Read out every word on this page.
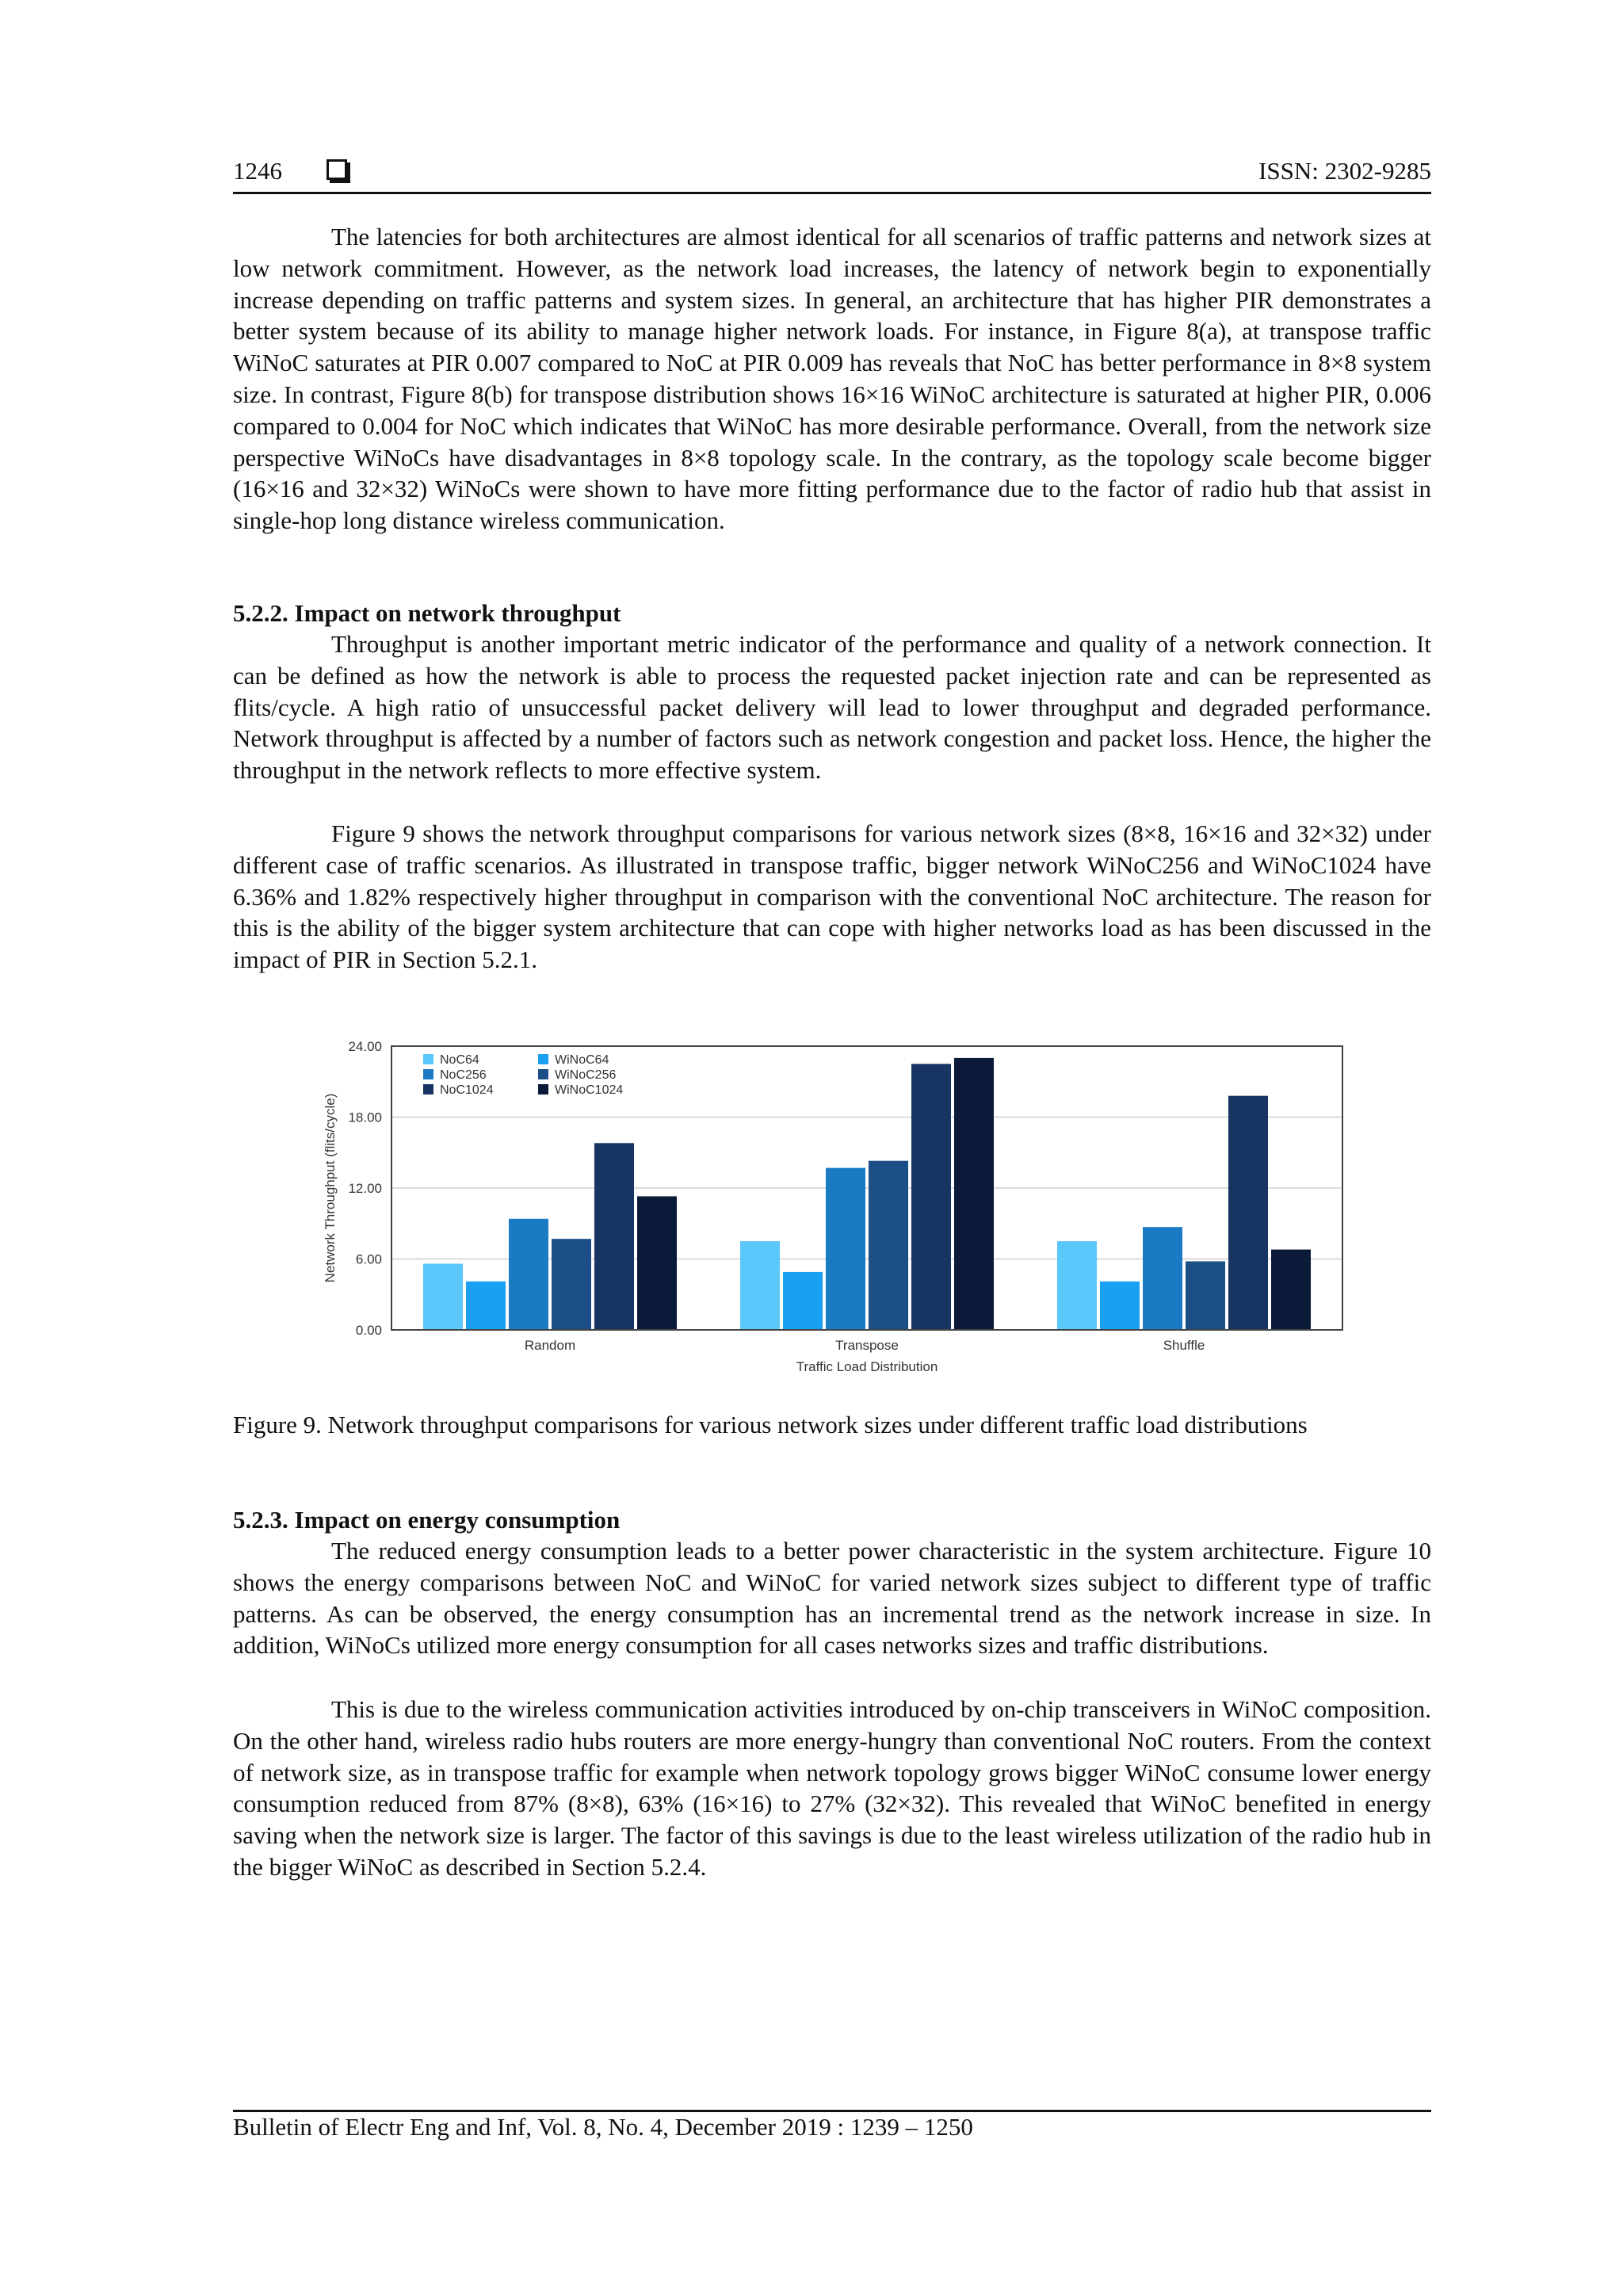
1246	ISSN: 2302-9285

The latencies for both architectures are almost identical for all scenarios of traffic patterns and network sizes at low network commitment. However, as the network load increases, the latency of network begin to exponentially increase depending on traffic patterns and system sizes. In general, an architecture that has higher PIR demonstrates a better system because of its ability to manage higher network loads. For instance, in Figure 8(a), at transpose traffic WiNoC saturates at PIR 0.007 compared to NoC at PIR 0.009 has reveals that NoC has better performance in 8×8 system size. In contrast, Figure 8(b) for transpose distribution shows 16×16 WiNoC architecture is saturated at higher PIR, 0.006 compared to 0.004 for NoC which indicates that WiNoC has more desirable performance. Overall, from the network size perspective WiNoCs have disadvantages in 8×8 topology scale. In the contrary, as the topology scale become bigger (16×16 and 32×32) WiNoCs were shown to have more fitting performance due to the factor of radio hub that assist in single-hop long distance wireless communication.

5.2.2. Impact on network throughput

Throughput is another important metric indicator of the performance and quality of a network connection. It can be defined as how the network is able to process the requested packet injection rate and can be represented as flits/cycle. A high ratio of unsuccessful packet delivery will lead to lower throughput and degraded performance. Network throughput is affected by a number of factors such as network congestion and packet loss. Hence, the higher the throughput in the network reflects to more effective system.

Figure 9 shows the network throughput comparisons for various network sizes (8×8, 16×16 and 32×32) under different case of traffic scenarios. As illustrated in transpose traffic, bigger network WiNoC256 and WiNoC1024 have 6.36% and 1.82% respectively higher throughput in comparison with the conventional NoC architecture. The reason for this is the ability of the bigger system architecture that can cope with higher networks load as has been discussed in the impact of PIR in Section 5.2.1.

0.00
6.00
12.00
18.00
24.00
Random	Transpose	Shuffle
NoC64
NoC256
NoC1024
WiNoC64
WiNoC256
WiNoC1024
Network Throughput (flits/cycle)
Traffic Load Distribution

Figure 9. Network throughput comparisons for various network sizes under different traffic load distributions

5.2.3. Impact on energy consumption

The reduced energy consumption leads to a better power characteristic in the system architecture. Figure 10 shows the energy comparisons between NoC and WiNoC for varied network sizes subject to different type of traffic patterns. As can be observed, the energy consumption has an incremental trend as the network increase in size. In addition, WiNoCs utilized more energy consumption for all cases networks sizes and traffic distributions.

This is due to the wireless communication activities introduced by on-chip transceivers in WiNoC composition. On the other hand, wireless radio hubs routers are more energy-hungry than conventional NoC routers. From the context of network size, as in transpose traffic for example when network topology grows bigger WiNoC consume lower energy consumption reduced from 87% (8×8), 63% (16×16) to 27% (32×32). This revealed that WiNoC benefited in energy saving when the network size is larger. The factor of this savings is due to the least wireless utilization of the radio hub in the bigger WiNoC as described in Section 5.2.4.

Bulletin of Electr Eng and Inf, Vol. 8, No. 4, December 2019 : 1239 – 1250
